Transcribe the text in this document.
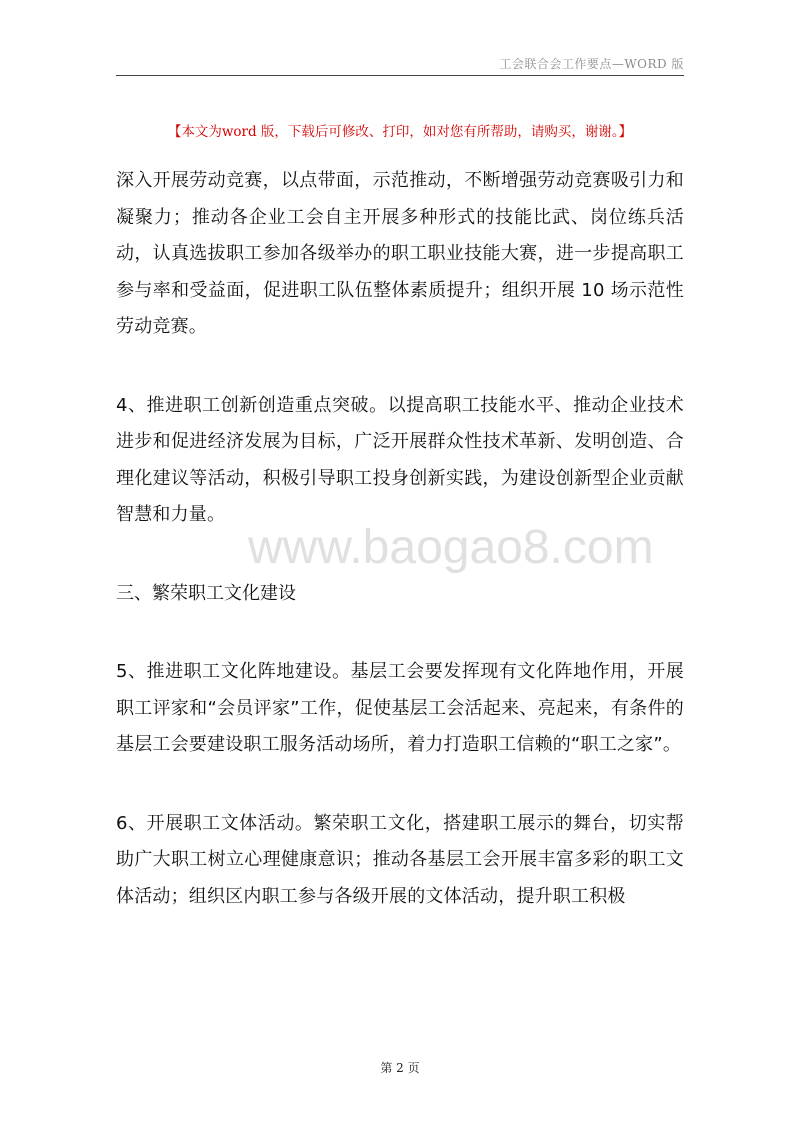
工会联合会工作要点—WORD 版
【本文为word 版，下载后可修改、打印，如对您有所帮助，请购买，谢谢。】

深入开展劳动竞赛，以点带面，示范推动，不断增强劳动竞赛吸引力和凝聚力；推动各企业工会自主开展多种形式的技能比武、岗位练兵活动，认真选拔职工参加各级举办的职工职业技能大赛，进一步提高职工参与率和受益面，促进职工队伍整体素质提升；组织开展 10 场示范性劳动竞赛。

4、推进职工创新创造重点突破。以提高职工技能水平、推动企业技术进步和促进经济发展为目标，广泛开展群众性技术革新、发明创造、合理化建议等活动，积极引导职工投身创新实践，为建设创新型企业贡献智慧和力量。

三、繁荣职工文化建设

5、推进职工文化阵地建设。基层工会要发挥现有文化阵地作用，开展职工评家和“会员评家”工作，促使基层工会活起来、亮起来，有条件的基层工会要建设职工服务活动场所，着力打造职工信赖的“职工之家”。

6、开展职工文体活动。繁荣职工文化，搭建职工展示的舞台，切实帮助广大职工树立心理健康意识；推动各基层工会开展丰富多彩的职工文体活动；组织区内职工参与各级开展的文体活动，提升职工积极

www.baogao8.com
第 2 页
